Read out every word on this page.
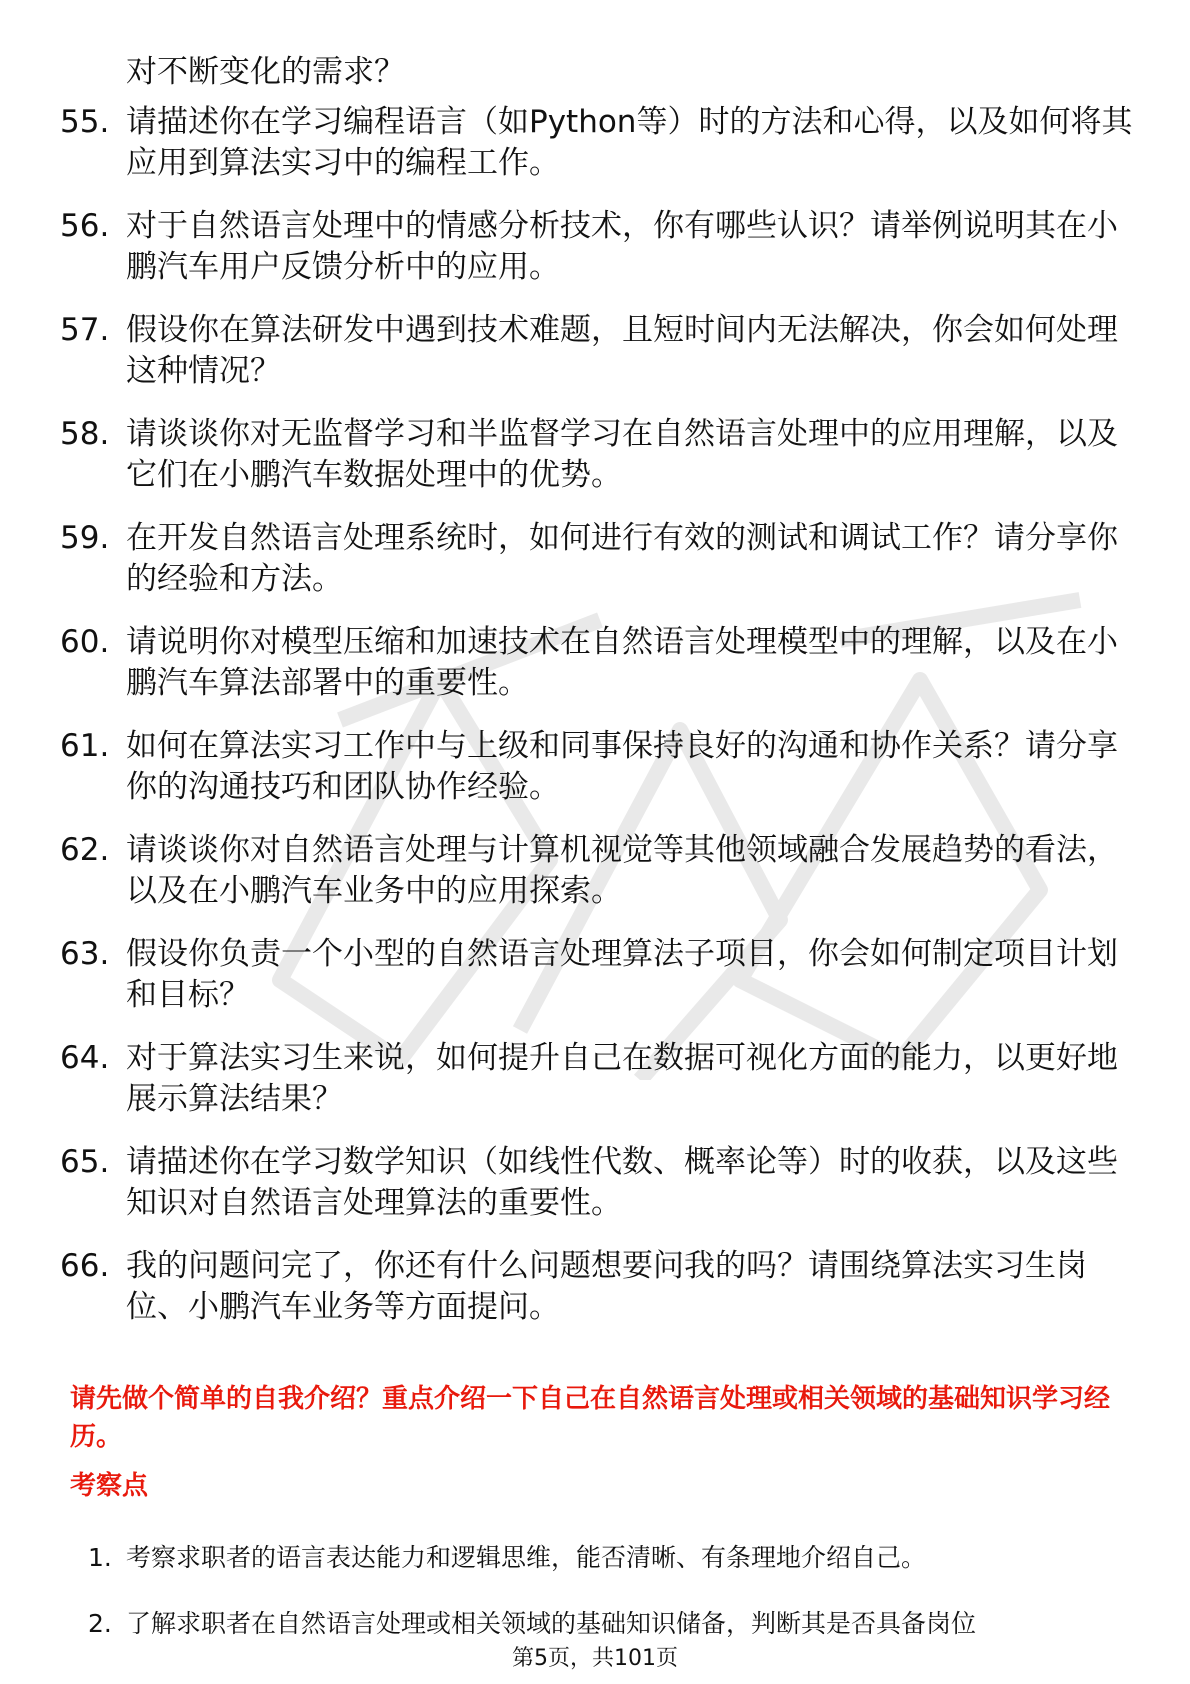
对不断变化的需求？
55. 请描述你在学习编程语言（如Python等）时的方法和心得，以及如何将其应用到算法实习中的编程工作。
56. 对于自然语言处理中的情感分析技术，你有哪些认识？请举例说明其在小鹏汽车用户反馈分析中的应用。
57. 假设你在算法研发中遇到技术难题，且短时间内无法解决，你会如何处理这种情况？
58. 请谈谈你对无监督学习和半监督学习在自然语言处理中的应用理解，以及它们在小鹏汽车数据处理中的优势。
59. 在开发自然语言处理系统时，如何进行有效的测试和调试工作？请分享你的经验和方法。
60. 请说明你对模型压缩和加速技术在自然语言处理模型中的理解，以及在小鹏汽车算法部署中的重要性。
61. 如何在算法实习工作中与上级和同事保持良好的沟通和协作关系？请分享你的沟通技巧和团队协作经验。
62. 请谈谈你对自然语言处理与计算机视觉等其他领域融合发展趋势的看法，以及在小鹏汽车业务中的应用探索。
63. 假设你负责一个小型的自然语言处理算法子项目，你会如何制定项目计划和目标？
64. 对于算法实习生来说，如何提升自己在数据可视化方面的能力，以更好地展示算法结果？
65. 请描述你在学习数学知识（如线性代数、概率论等）时的收获，以及这些知识对自然语言处理算法的重要性。
66. 我的问题问完了，你还有什么问题想要问我的吗？请围绕算法实习生岗位、小鹏汽车业务等方面提问。
请先做个简单的自我介绍？重点介绍一下自己在自然语言处理或相关领域的基础知识学习经历。
考察点
1. 考察求职者的语言表达能力和逻辑思维，能否清晰、有条理地介绍自己。
2. 了解求职者在自然语言处理或相关领域的基础知识储备，判断其是否具备岗位
第5页，共101页
